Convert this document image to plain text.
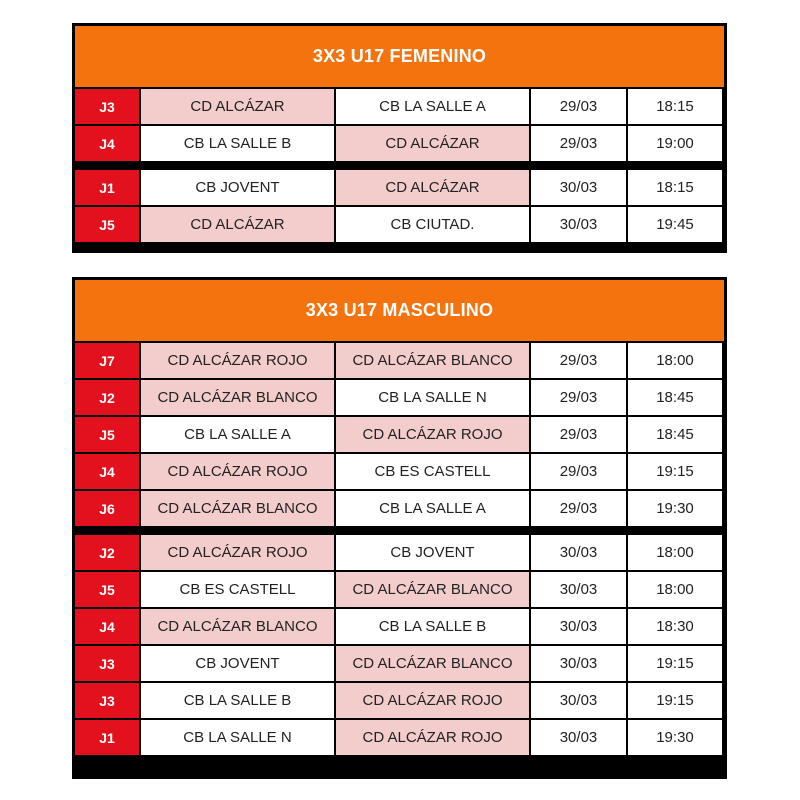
3X3 U17 FEMENINO
J3	CD ALCÁZAR	CB LA SALLE A	29/03	18:15
J4	CB LA SALLE B	CD ALCÁZAR	29/03	19:00
J1	CB JOVENT	CD ALCÁZAR	30/03	18:15
J5	CD ALCÁZAR	CB CIUTAD.	30/03	19:45
3X3 U17 MASCULINO
J7	CD ALCÁZAR ROJO	CD ALCÁZAR BLANCO	29/03	18:00
J2	CD ALCÁZAR BLANCO	CB LA SALLE N	29/03	18:45
J5	CB LA SALLE A	CD ALCÁZAR ROJO	29/03	18:45
J4	CD ALCÁZAR ROJO	CB ES CASTELL	29/03	19:15
J6	CD ALCÁZAR BLANCO	CB LA SALLE A	29/03	19:30
J2	CD ALCÁZAR ROJO	CB JOVENT	30/03	18:00
J5	CB ES CASTELL	CD ALCÁZAR BLANCO	30/03	18:00
J4	CD ALCÁZAR BLANCO	CB LA SALLE B	30/03	18:30
J3	CB JOVENT	CD ALCÁZAR BLANCO	30/03	19:15
J3	CB LA SALLE B	CD ALCÁZAR ROJO	30/03	19:15
J1	CB LA SALLE N	CD ALCÁZAR ROJO	30/03	19:30
